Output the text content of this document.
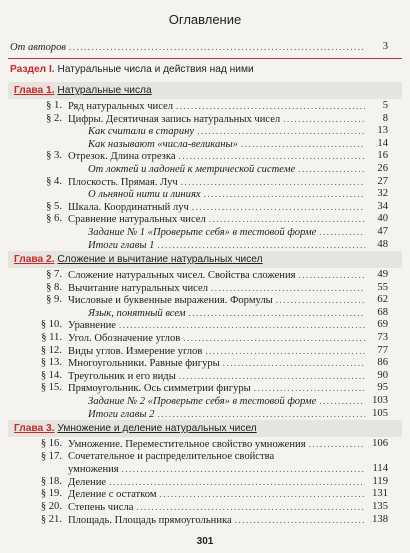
Оглавление
От авторов .....	3
Раздел I. Натуральные числа и действия над ними
Глава 1. Натуральные числа
§ 1. Ряд натуральных чисел .....	5
§ 2. Цифры. Десятичная запись натуральных чисел .....	8
Как считали в старину .....	13
Как называют «числа-великаны» .....	14
§ 3. Отрезок. Длина отрезка .....	16
От локтей и ладоней к метрической системе .....	26
§ 4. Плоскость. Прямая. Луч .....	27
О льняной нити и линиях .....	32
§ 5. Шкала. Координатный луч .....	34
§ 6. Сравнение натуральных чисел .....	40
Задание № 1 «Проверьте себя» в тестовой форме .....	47
Итоги главы 1 .....	48
Глава 2. Сложение и вычитание натуральных чисел
§ 7. Сложение натуральных чисел. Свойства сложения .....	49
§ 8. Вычитание натуральных чисел .....	55
§ 9. Числовые и буквенные выражения. Формулы .....	62
Язык, понятный всем .....	68
§ 10. Уравнение .....	69
§ 11. Угол. Обозначение углов .....	73
§ 12. Виды углов. Измерение углов .....	77
§ 13. Многоугольники. Равные фигуры .....	86
§ 14. Треугольник и его виды .....	90
§ 15. Прямоугольник. Ось симметрии фигуры .....	95
Задание № 2 «Проверьте себя» в тестовой форме .....	103
Итоги главы 2 .....	105
Глава 3. Умножение и деление натуральных чисел
§ 16. Умножение. Переместительное свойство умножения .....	106
§ 17. Сочетательное и распределительное свойства
умножения .....	114
§ 18. Деление .....	119
§ 19. Деление с остатком .....	131
§ 20. Степень числа .....	135
§ 21. Площадь. Площадь прямоугольника .....	138
301
